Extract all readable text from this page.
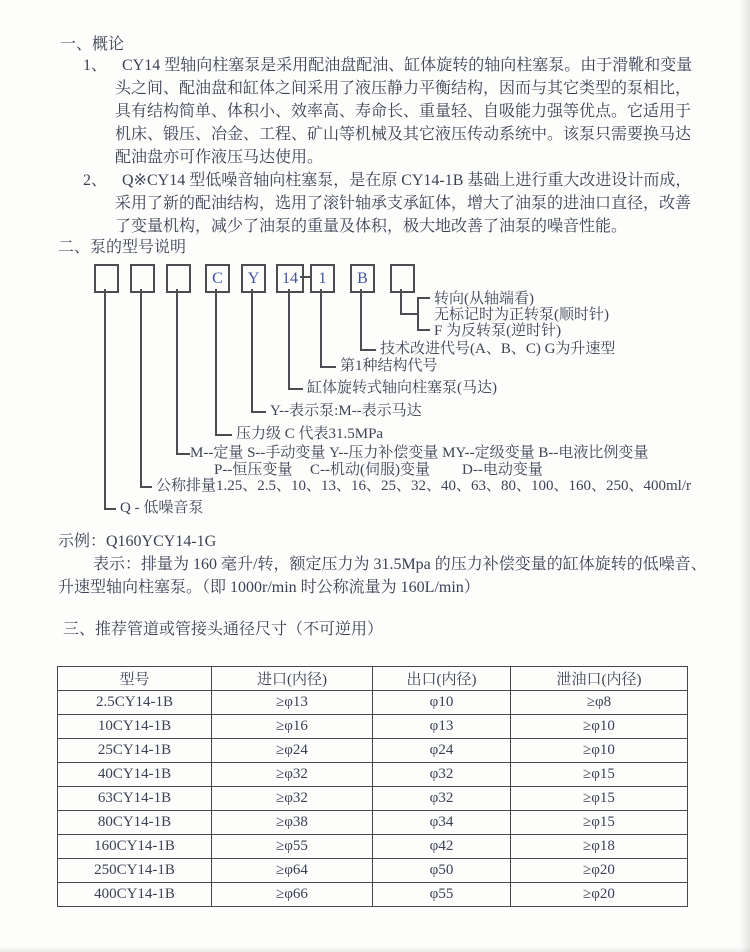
一、概论
1、 CY14 型轴向柱塞泵是采用配油盘配油、缸体旋转的轴向柱塞泵。由于滑靴和变量
头之间、配油盘和缸体之间采用了液压静力平衡结构，因而与其它类型的泵相比，
具有结构简单、体积小、效率高、寿命长、重量轻、自吸能力强等优点。它适用于
机床、锻压、冶金、工程、矿山等机械及其它液压传动系统中。该泵只需要换马达
配油盘亦可作液压马达使用。
2、 Q※CY14 型低噪音轴向柱塞泵，是在原 CY14-1B 基础上进行重大改进设计而成，
采用了新的配油结构，选用了滚针轴承支承缸体，增大了油泵的进油口直径，改善
了变量机构，减少了油泵的重量及体积，极大地改善了油泵的噪音性能。
二、泵的型号说明
C	Y	14	1	B
转向(从轴端看)
无标记时为正转泵(顺时针)
F 为反转泵(逆时针)
技术改进代号(A、B、C) G为升速型
第1种结构代号
缸体旋转式轴向柱塞泵(马达)
Y--表示泵:M--表示马达
压力级 C 代表31.5MPa
M--定量 S--手动变量 Y--压力补偿变量 MY--定级变量 B--电液比例变量
P--恒压变量 C--机动(伺服)变量 D--电动变量
公称排量1.25、2.5、10、13、16、25、32、40、63、80、100、160、250、400ml/r
Q - 低噪音泵
示例：Q160YCY14-1G
表示：排量为 160 毫升/转，额定压力为 31.5Mpa 的压力补偿变量的缸体旋转的低噪音、
升速型轴向柱塞泵。（即 1000r/min 时公称流量为 160L/min）
三、推荐管道或管接头通径尺寸（不可逆用）
型号	进口(内径)	出口(内径)	泄油口(内径)
2.5CY14-1B	≥φ13	φ10	≥φ8
10CY14-1B	≥φ16	φ13	≥φ10
25CY14-1B	≥φ24	φ24	≥φ10
40CY14-1B	≥φ32	φ32	≥φ15
63CY14-1B	≥φ32	φ32	≥φ15
80CY14-1B	≥φ38	φ34	≥φ15
160CY14-1B	≥φ55	φ42	≥φ18
250CY14-1B	≥φ64	φ50	≥φ20
400CY14-1B	≥φ66	φ55	≥φ20
